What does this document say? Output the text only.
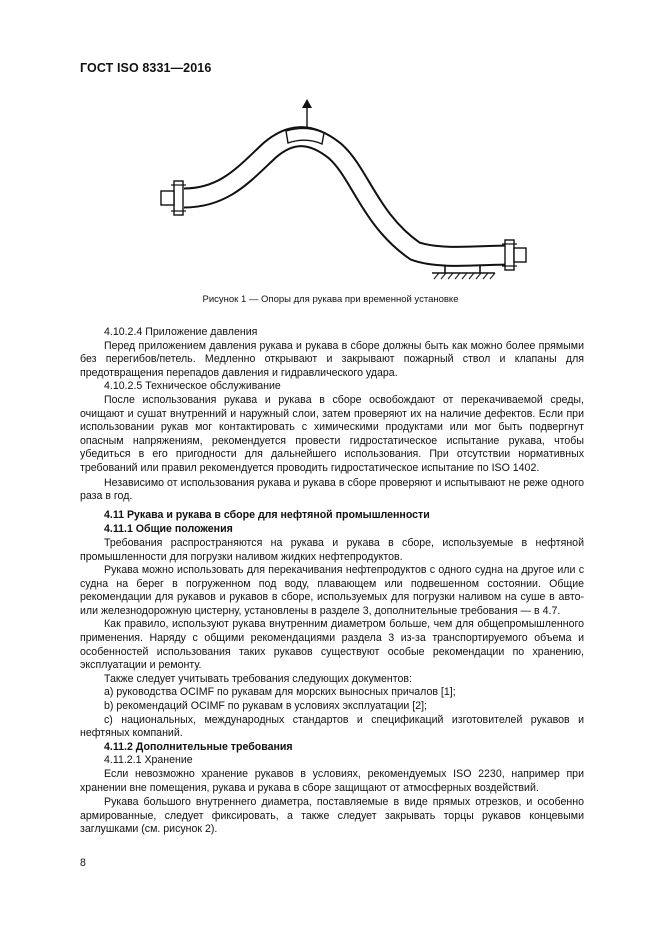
ГОСТ ISO 8331—2016
Рисунок 1 — Опоры для рукава при временной установке

4.10.2.4 Приложение давления

Перед приложением давления рукава и рукава в сборе должны быть как можно более прямыми без перегибов/петель. Медленно открывают и закрывают пожарный ствол и клапаны для предотвращения перепадов давления и гидравлического удара.

4.10.2.5 Техническое обслуживание

После использования рукава и рукава в сборе освобождают от перекачиваемой среды, очищают и сушат внутренний и наружный слои, затем проверяют их на наличие дефектов. Если при использовании рукав мог контактировать с химическими продуктами или мог быть подвергнут опасным напряжениям, рекомендуется провести гидростатическое испытание рукава, чтобы убедиться в его пригодности для дальнейшего использования. При отсутствии нормативных требований или правил рекомендуется проводить гидростатическое испытание по ISO 1402.

Независимо от использования рукава и рукава в сборе проверяют и испытывают не реже одного раза в год.

4.11 Рукава и рукава в сборе для нефтяной промышленности

4.11.1 Общие положения

Требования распространяются на рукава и рукава в сборе, используемые в нефтяной промышленности для погрузки наливом жидких нефтепродуктов.

Рукава можно использовать для перекачивания нефтепродуктов с одного судна на другое или с судна на берег в погруженном под воду, плавающем или подвешенном состоянии. Общие рекомендации для рукавов и рукавов в сборе, используемых для погрузки наливом на суше в авто- или железнодорожную цистерну, установлены в разделе 3, дополнительные требования — в 4.7.

Как правило, используют рукава внутренним диаметром больше, чем для общепромышленного применения. Наряду с общими рекомендациями раздела 3 из-за транспортируемого объема и особенностей использования таких рукавов существуют особые рекомендации по хранению, эксплуатации и ремонту.

Также следует учитывать требования следующих документов:

а) руководства OCIMF по рукавам для морских выносных причалов [1];

b) рекомендаций OCIMF по рукавам в условиях эксплуатации [2];

с) национальных, международных стандартов и спецификаций изготовителей рукавов и нефтяных компаний.

4.11.2 Дополнительные требования

4.11.2.1 Хранение

Если невозможно хранение рукавов в условиях, рекомендуемых ISO 2230, например при хранении вне помещения, рукава и рукава в сборе защищают от атмосферных воздействий.

Рукава большого внутреннего диаметра, поставляемые в виде прямых отрезков, и особенно армированные, следует фиксировать, а также следует закрывать торцы рукавов концевыми заглушками (см. рисунок 2).

8
